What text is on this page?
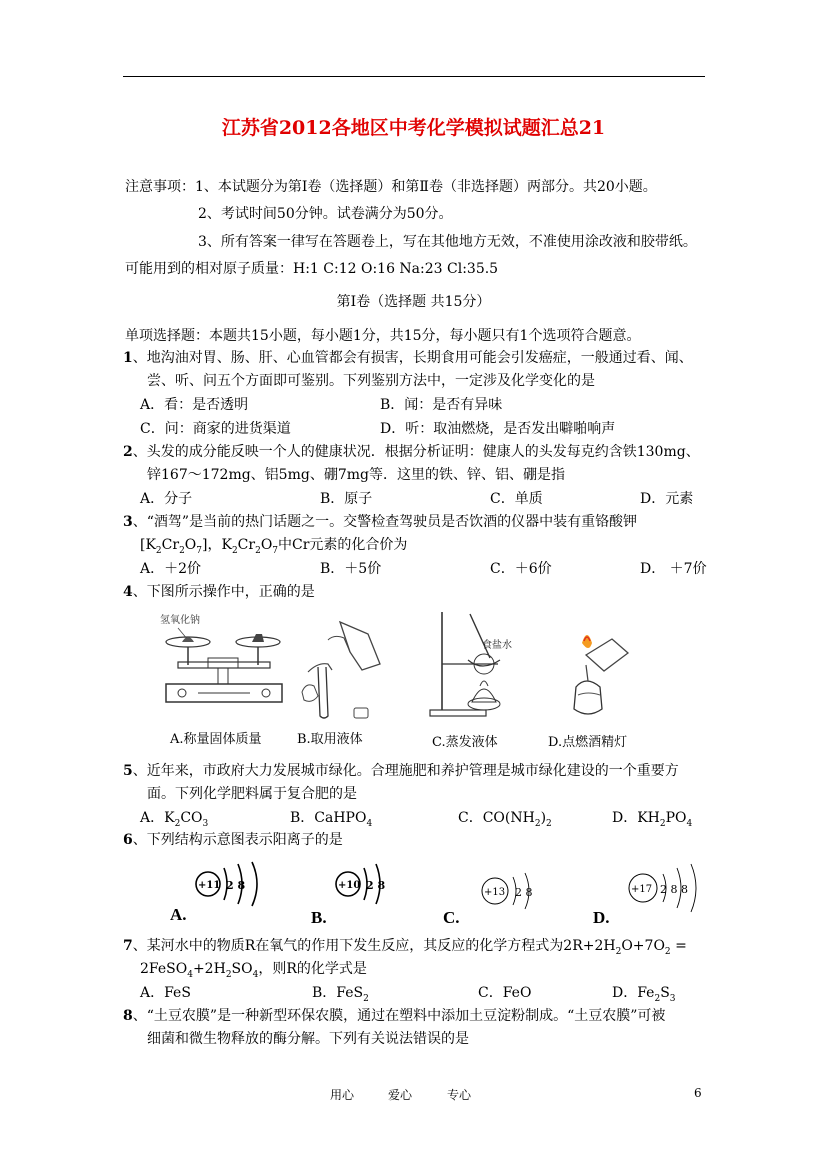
江苏省2012各地区中考化学模拟试题汇总21
注意事项：1、本试题分为第Ⅰ卷（选择题）和第Ⅱ卷（非选择题）两部分。共20小题。
2、考试时间50分钟。试卷满分为50分。
3、所有答案一律写在答题卷上，写在其他地方无效，不准使用涂改液和胶带纸。
可能用到的相对原子质量：H:1 C:12 O:16 Na:23 Cl:35.5
第Ⅰ卷（选择题 共15分）
单项选择题：本题共15小题，每小题1分，共15分，每小题只有1个选项符合题意。
1、地沟油对胃、肠、肝、心血管都会有损害，长期食用可能会引发癌症，一般通过看、闻、
尝、听、问五个方面即可鉴别。下列鉴别方法中，一定涉及化学变化的是
A．看：是否透明	B．闻：是否有异味
C．问：商家的进货渠道	D．听：取油燃烧，是否发出噼啪响声
2、头发的成分能反映一个人的健康状况．根据分析证明：健康人的头发每克约含铁130mg、
锌167～172mg、铝5mg、硼7mg等．这里的铁、锌、铝、硼是指
A．分子	B．原子	C．单质	D．元素
3、“酒驾”是当前的热门话题之一。交警检查驾驶员是否饮酒的仪器中装有重铬酸钾
$[K_2Cr_2O_7]$，$K_2Cr_2O_7$中Cr元素的化合价为
A．＋2价	B．＋5价	C．＋6价	D． ＋7价
4、下图所示操作中，正确的是
氢氧化钠
A.称量固体质量	B.取用液体
食盐水
C.蒸发液体	D.点燃酒精灯
5、近年来，市政府大力发展城市绿化。合理施肥和养护管理是城市绿化建设的一个重要方
面。下列化学肥料属于复合肥的是
A．$K_2CO_3$	B．CaHPO$_4$	C．$CO(NH_2)_2$	D．$KH_2PO_4$
6、下列结构示意图表示阳离子的是
+11 2 8	+10 2 8
+13 2 8	+17 2 8 8
A.	B.	C.	D.
7、某河水中的物质R在氧气的作用下发生反应，其反应的化学方程式为$2R+2H_2O+7O_2$ =
$2FeSO_4+2H_2SO_4$，则R的化学式是
A．FeS	B．FeS$_2$	C．FeO	D．$Fe_2S_3$
8、“土豆农膜”是一种新型环保农膜，通过在塑料中添加土豆淀粉制成。“土豆农膜”可被
细菌和微生物释放的酶分解。下列有关说法错误的是
用心	爱心	专心	6
